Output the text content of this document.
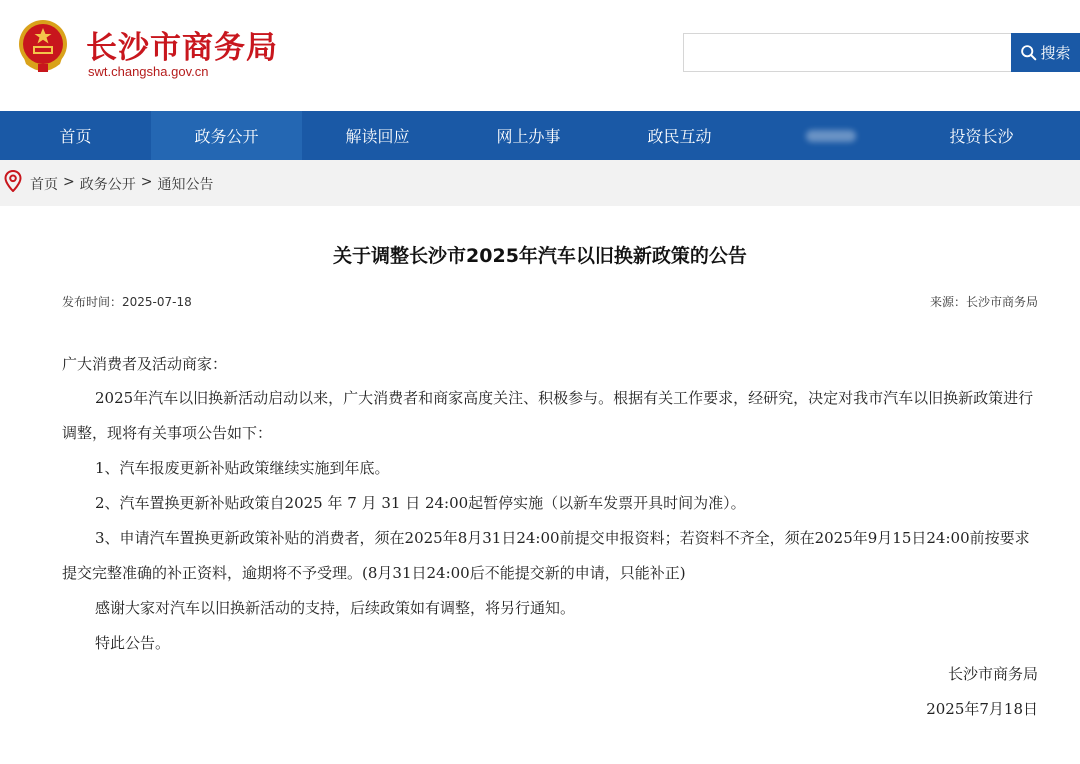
长沙市商务局
swt.changsha.gov.cn
搜索
首页	政务公开	解读回应	网上办事	政民互动	投资长沙
首页 > 政务公开 > 通知公告
关于调整长沙市2025年汽车以旧换新政策的公告
发布时间：2025-07-18	来源：长沙市商务局
广大消费者及活动商家：
2025年汽车以旧换新活动启动以来，广大消费者和商家高度关注、积极参与。根据有关工作要求，经研究，决定对我市汽车以旧换新政策进行调整，现将有关事项公告如下：
1、汽车报废更新补贴政策继续实施到年底。
2、汽车置换更新补贴政策自2025 年 7 月 31 日 24:00起暂停实施（以新车发票开具时间为准）。
3、申请汽车置换更新政策补贴的消费者，须在2025年8月31日24:00前提交申报资料；若资料不齐全，须在2025年9月15日24:00前按要求提交完整准确的补正资料，逾期将不予受理。(8月31日24:00后不能提交新的申请，只能补正)
感谢大家对汽车以旧换新活动的支持，后续政策如有调整，将另行通知。
特此公告。
长沙市商务局
2025年7月18日
